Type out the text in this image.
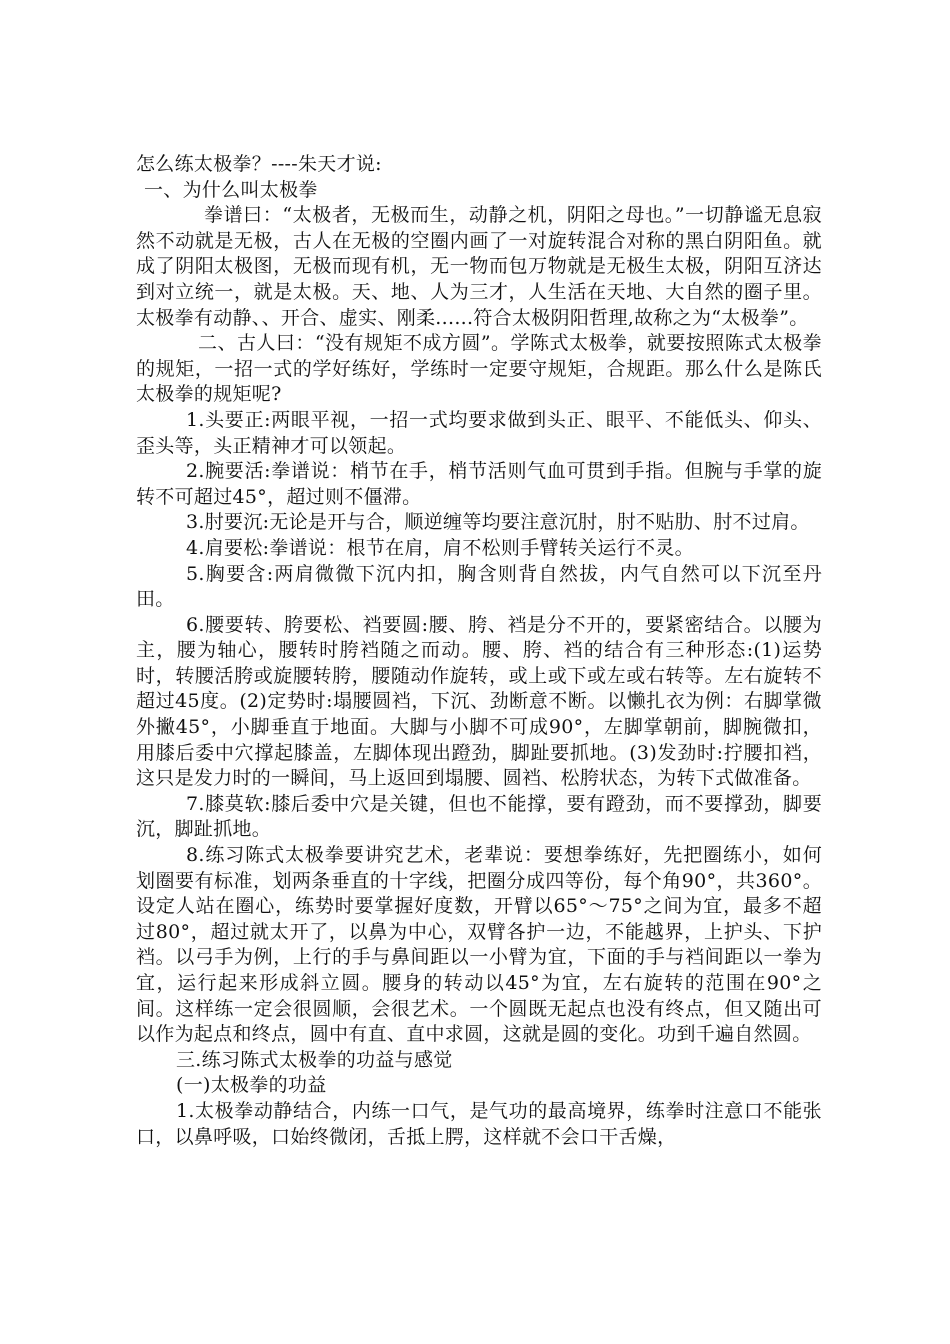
怎么练太极拳？----朱天才说:

一、为什么叫太极拳

拳谱曰：“太极者，无极而生，动静之机，阴阳之母也。”一切静谧无息寂然不动就是无极，古人在无极的空圈内画了一对旋转混合对称的黑白阴阳鱼。就成了阴阳太极图，无极而现有机，无一物而包万物就是无极生太极，阴阳互济达到对立统一，就是太极。天、地、人为三才，人生活在天地、大自然的圈子里。太极拳有动静、、开合、虚实、刚柔......符合太极阴阳哲理,故称之为“太极拳”。

二、古人曰：“没有规矩不成方圆”。学陈式太极拳，就要按照陈式太极拳的规矩，一招一式的学好练好，学练时一定要守规矩，合规距。那么什么是陈氏太极拳的规矩呢?

1.头要正:两眼平视，一招一式均要求做到头正、眼平、不能低头、仰头、歪头等，头正精神才可以领起。

2.腕要活:拳谱说：梢节在手，梢节活则气血可贯到手指。但腕与手掌的旋转不可超过45°，超过则不僵滞。

3.肘要沉:无论是开与合，顺逆缠等均要注意沉肘，肘不贴肋、肘不过肩。

4.肩要松:拳谱说：根节在肩，肩不松则手臂转关运行不灵。

5.胸要含:两肩微微下沉内扣，胸含则背自然拔，内气自然可以下沉至丹田。

6.腰要转、胯要松、裆要圆:腰、胯、裆是分不开的，要紧密结合。以腰为主，腰为轴心，腰转时胯裆随之而动。腰、胯、裆的结合有三种形态:(1)运势时，转腰活胯或旋腰转胯，腰随动作旋转，或上或下或左或右转等。左右旋转不超过45度。(2)定势时:塌腰圆裆，下沉、劲断意不断。以懒扎衣为例：右脚掌微外撇45°，小脚垂直于地面。大脚与小脚不可成90°，左脚掌朝前，脚腕微扣，用膝后委中穴撑起膝盖，左脚体现出蹬劲，脚趾要抓地。(3)发劲时:拧腰扣裆，这只是发力时的一瞬间，马上返回到塌腰、圆裆、松胯状态，为转下式做准备。

7.膝莫软:膝后委中穴是关键，但也不能撑，要有蹬劲，而不要撑劲，脚要沉，脚趾抓地。

8.练习陈式太极拳要讲究艺术，老辈说：要想拳练好，先把圈练小，如何划圈要有标准，划两条垂直的十字线，把圈分成四等份，每个角90°，共360°。设定人站在圈心，练势时要掌握好度数，开臂以65°～75°之间为宜，最多不超过80°，超过就太开了，以鼻为中心，双臂各护一边，不能越界，上护头、下护裆。以弓手为例，上行的手与鼻间距以一小臂为宜，下面的手与裆间距以一拳为宜，运行起来形成斜立圆。腰身的转动以45°为宜，左右旋转的范围在90°之间。这样练一定会很圆顺，会很艺术。一个圆既无起点也没有终点，但又随出可以作为起点和终点，圆中有直、直中求圆，这就是圆的变化。功到千遍自然圆。

三.练习陈式太极拳的功益与感觉

(一)太极拳的功益

1.太极拳动静结合，内练一口气，是气功的最高境界，练拳时注意口不能张口，以鼻呼吸，口始终微闭，舌抵上腭，这样就不会口干舌燥，
